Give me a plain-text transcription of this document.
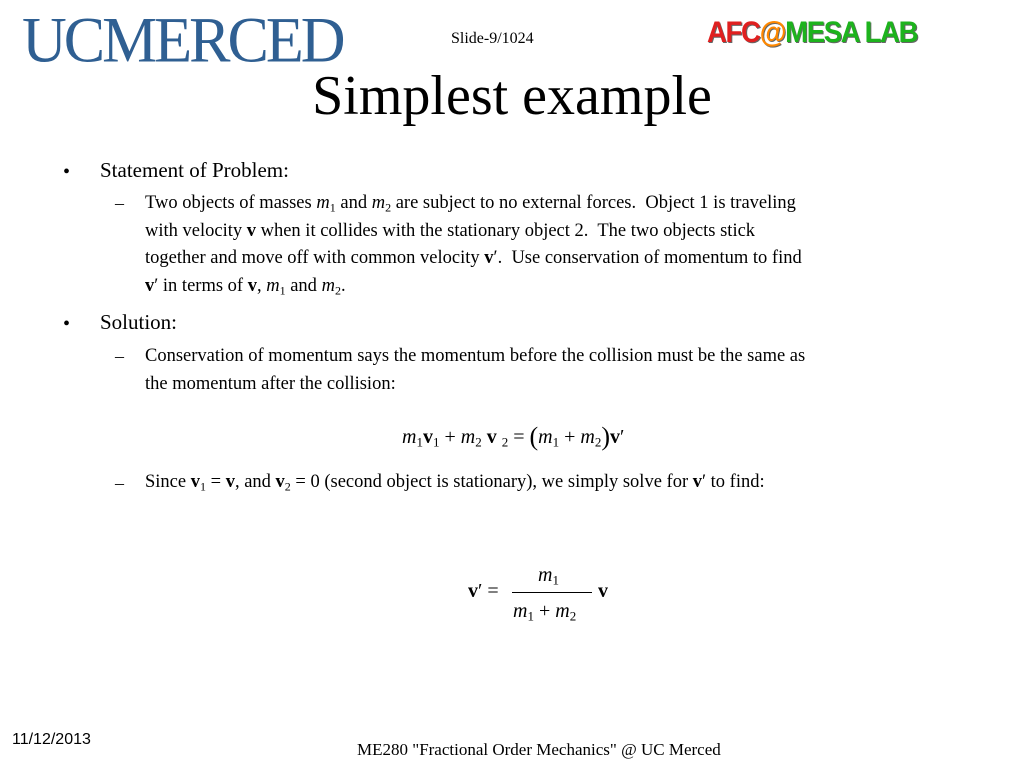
UCMERCED	Slide-9/1024	AFC@MESA LAB
Simplest example
• Statement of Problem:
– Two objects of masses $m_1$ and $m_2$ are subject to no external forces.  Object 1 is traveling
with velocity v when it collides with the stationary object 2.  The two objects stick
together and move off with common velocity v′.  Use conservation of momentum to find
v′ in terms of v, $m_1$ and $m_2$.
• Solution:
– Conservation of momentum says the momentum before the collision must be the same as
the momentum after the collision:
$m_1v_1 + m_2$ v $_2 = (m_1 + m_2)v'$
– Since $v_1 = v$, and $v_2 = 0$ (second object is stationary), we simply solve for v′ to find:
v′ =
$m_1$
$m_1 + m_2$
v
11/12/2013
ME280 "Fractional Order Mechanics" @ UC Merced
